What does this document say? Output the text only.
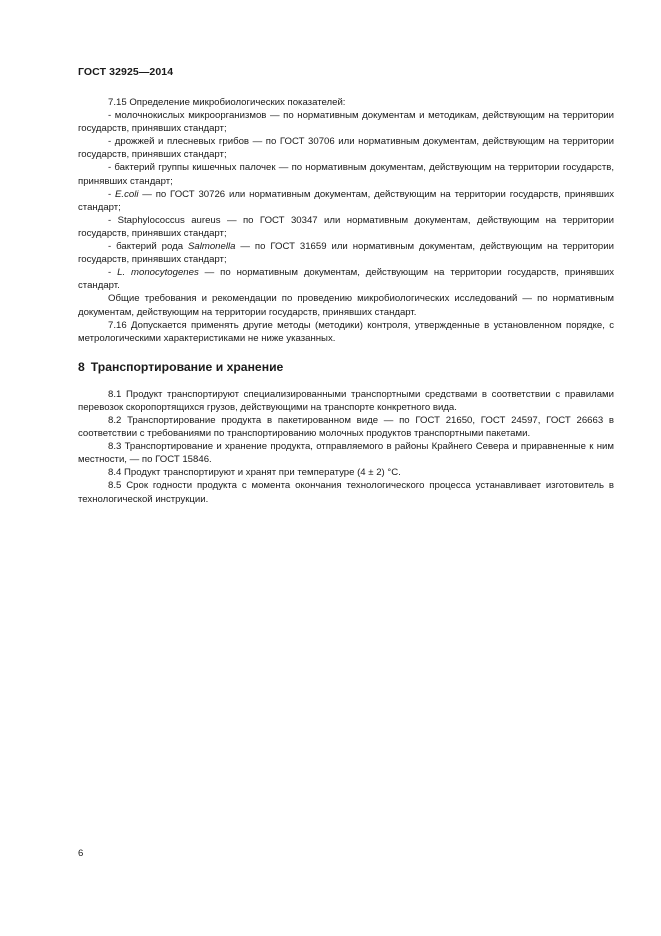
ГОСТ 32925—2014

7.15 Определение микробиологических показателей:

- молочнокислых микроорганизмов — по нормативным документам и методикам, действующим на территории государств, принявших стандарт;

- дрожжей и плесневых грибов — по ГОСТ 30706 или нормативным документам, действующим на территории государств, принявших стандарт;

- бактерий группы кишечных палочек — по нормативным документам, действующим на территории государств, принявших стандарт;

- E.coli — по ГОСТ 30726 или нормативным документам, действующим на территории государств, принявших стандарт;

- Staphylococcus aureus — по ГОСТ 30347 или нормативным документам, действующим на территории государств, принявших стандарт;

- бактерий рода Salmonella — по ГОСТ 31659 или нормативным документам, действующим на территории государств, принявших стандарт;

- L. monocytogenes — по нормативным документам, действующим на территории государств, принявших стандарт.

Общие требования и рекомендации по проведению микробиологических исследований — по нормативным документам, действующим на территории государств, принявших стандарт.

7.16 Допускается применять другие методы (методики) контроля, утвержденные в установленном порядке, с метрологическими характеристиками не ниже указанных.

8 Транспортирование и хранение

8.1 Продукт транспортируют специализированными транспортными средствами в соответствии с правилами перевозок скоропортящихся грузов, действующими на транспорте конкретного вида.

8.2 Транспортирование продукта в пакетированном виде — по ГОСТ 21650, ГОСТ 24597, ГОСТ 26663 в соответствии с требованиями по транспортированию молочных продуктов транспортными пакетами.

8.3 Транспортирование и хранение продукта, отправляемого в районы Крайнего Севера и приравненные к ним местности, — по ГОСТ 15846.

8.4 Продукт транспортируют и хранят при температуре (4 ± 2) °С.

8.5 Срок годности продукта с момента окончания технологического процесса устанавливает изготовитель в технологической инструкции.

6
